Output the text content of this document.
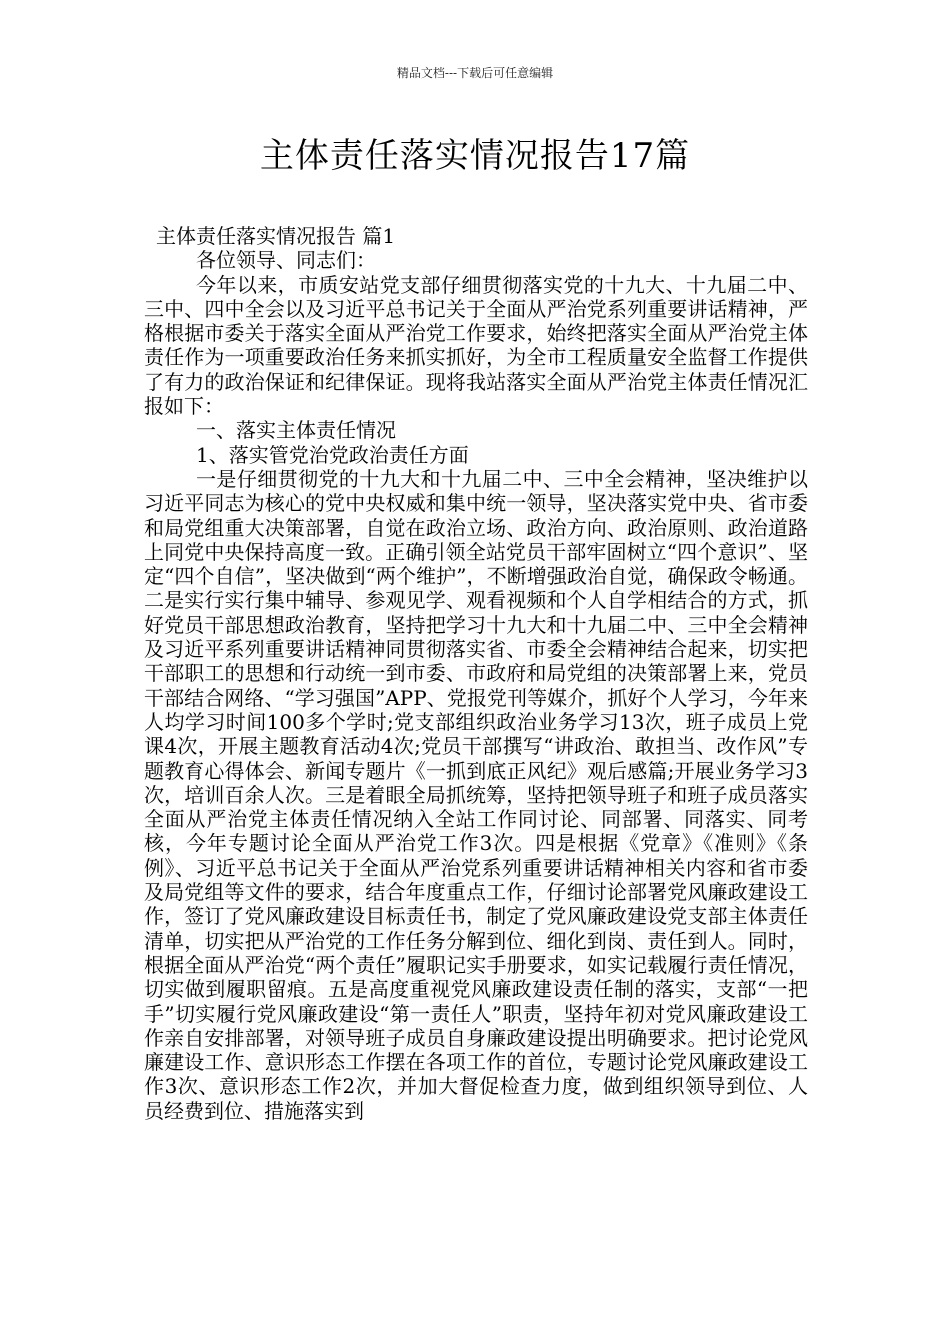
精品文档---下载后可任意编辑
主体责任落实情况报告17篇

主体责任落实情况报告 篇1

各位领导、同志们：

今年以来，市质安站党支部仔细贯彻落实党的十九大、十九届二中、三中、四中全会以及习近平总书记关于全面从严治党系列重要讲话精神，严格根据市委关于落实全面从严治党工作要求，始终把落实全面从严治党主体责任作为一项重要政治任务来抓实抓好，为全市工程质量安全监督工作提供了有力的政治保证和纪律保证。现将我站落实全面从严治党主体责任情况汇报如下：

一、落实主体责任情况

1、落实管党治党政治责任方面

一是仔细贯彻党的十九大和十九届二中、三中全会精神，坚决维护以习近平同志为核心的党中央权威和集中统一领导，坚决落实党中央、省市委和局党组重大决策部署，自觉在政治立场、政治方向、政治原则、政治道路上同党中央保持高度一致。正确引领全站党员干部牢固树立“四个意识”、坚定“四个自信”，坚决做到“两个维护”，不断增强政治自觉，确保政令畅通。二是实行实行集中辅导、参观见学、观看视频和个人自学相结合的方式，抓好党员干部思想政治教育，坚持把学习十九大和十九届二中、三中全会精神及习近平系列重要讲话精神同贯彻落实省、市委全会精神结合起来，切实把干部职工的思想和行动统一到市委、市政府和局党组的决策部署上来，党员干部结合网络、“学习强国”APP、党报党刊等媒介，抓好个人学习，今年来人均学习时间100多个学时;党支部组织政治业务学习13次，班子成员上党课4次，开展主题教育活动4次;党员干部撰写“讲政治、敢担当、改作风”专题教育心得体会、新闻专题片《一抓到底正风纪》观后感篇;开展业务学习3次，培训百余人次。三是着眼全局抓统筹，坚持把领导班子和班子成员落实全面从严治党主体责任情况纳入全站工作同讨论、同部署、同落实、同考核，今年专题讨论全面从严治党工作3次。四是根据《党章》《准则》《条例》、习近平总书记关于全面从严治党系列重要讲话精神相关内容和省市委及局党组等文件的要求，结合年度重点工作，仔细讨论部署党风廉政建设工作，签订了党风廉政建设目标责任书，制定了党风廉政建设党支部主体责任清单，切实把从严治党的工作任务分解到位、细化到岗、责任到人。同时，根据全面从严治党“两个责任”履职记实手册要求，如实记载履行责任情况，切实做到履职留痕。五是高度重视党风廉政建设责任制的落实，支部“一把手”切实履行党风廉政建设“第一责任人”职责，坚持年初对党风廉政建设工作亲自安排部署，对领导班子成员自身廉政建设提出明确要求。把讨论党风廉建设工作、意识形态工作摆在各项工作的首位，专题讨论党风廉政建设工作3次、意识形态工作2次，并加大督促检查力度，做到组织领导到位、人员经费到位、措施落实到
